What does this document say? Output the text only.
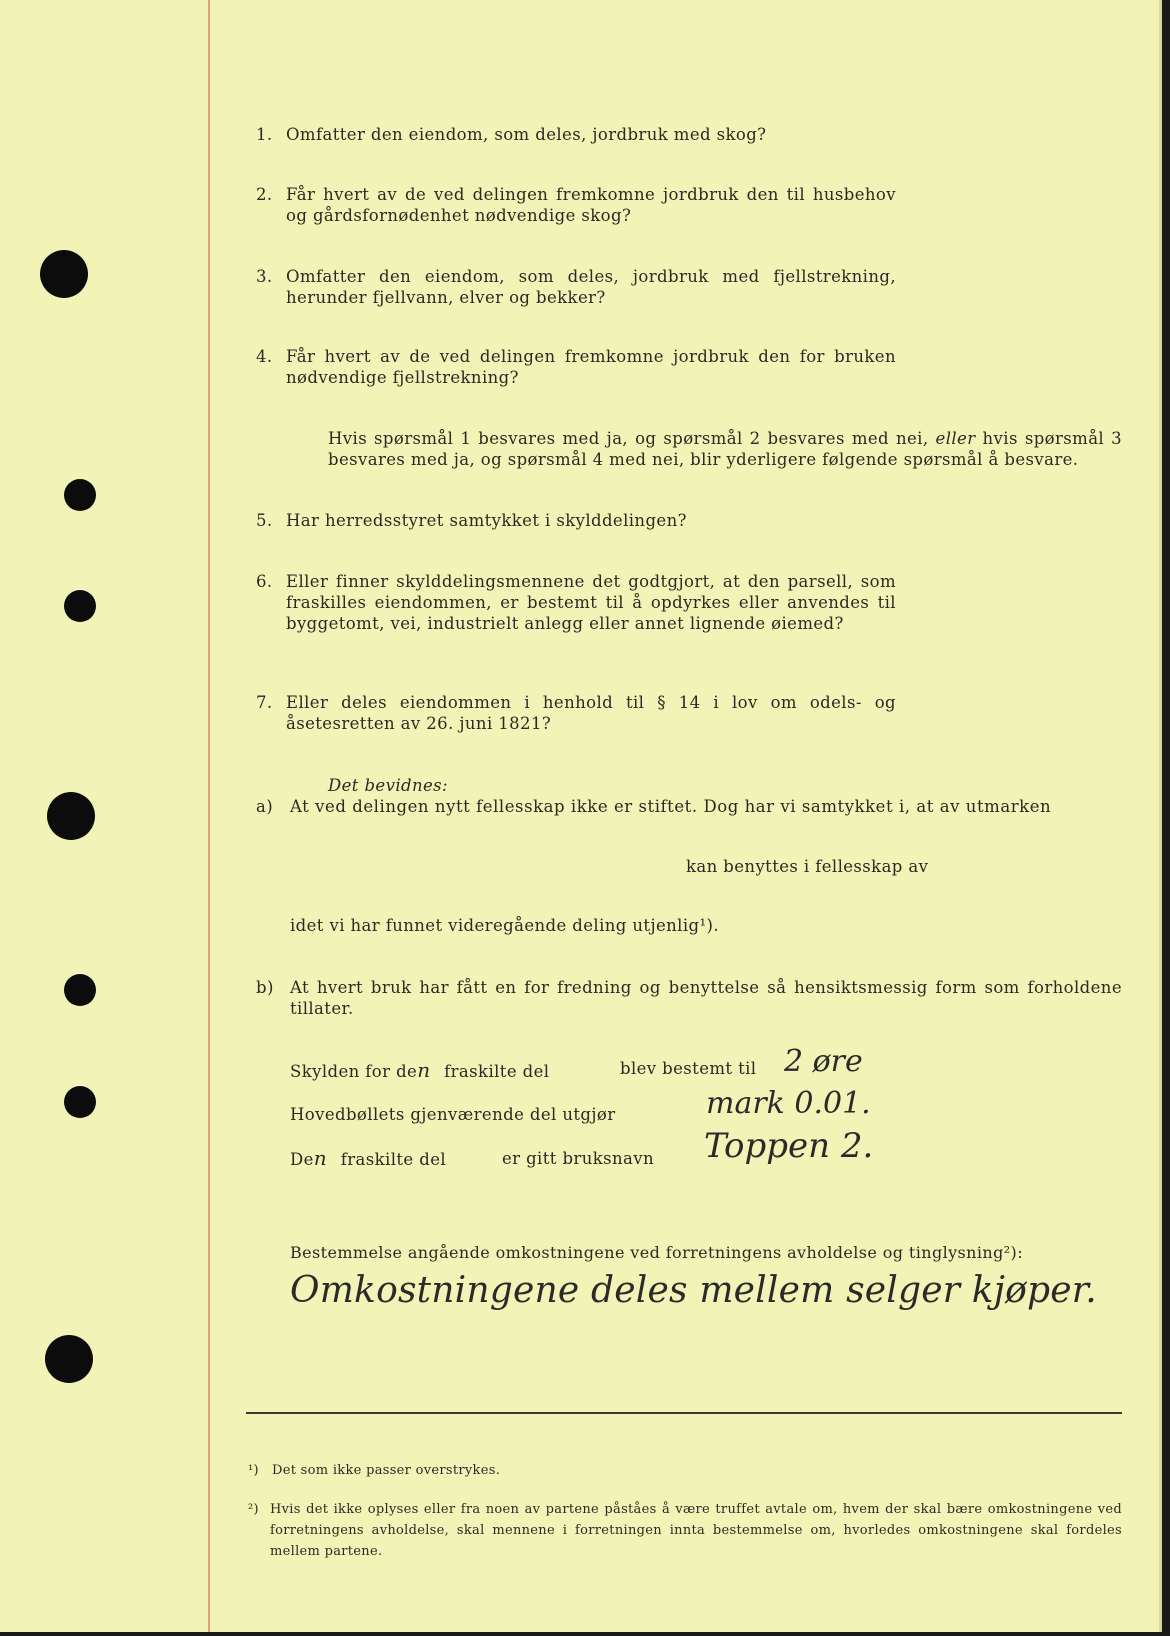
1. Omfatter den eiendom, som deles, jordbruk med skog?
2. Får hvert av de ved delingen fremkomne jordbruk den til husbehov og gårdsfornødenhet nødvendige skog?
3. Omfatter den eiendom, som deles, jordbruk med fjellstrekning, herunder fjellvann, elver og bekker?
4. Får hvert av de ved delingen fremkomne jordbruk den for bruken nødvendige fjellstrekning?
Hvis spørsmål 1 besvares med ja, og spørsmål 2 besvares med nei, eller hvis spørsmål 3 besvares med ja, og spørsmål 4 med nei, blir yderligere følgende spørsmål å besvare.
5. Har herredsstyret samtykket i skylddelingen?
6. Eller finner skylddelingsmennene det godtgjort, at den parsell, som fraskilles eiendommen, er bestemt til å opdyrkes eller anvendes til byggetomt, vei, industrielt anlegg eller annet lignende øiemed?
7. Eller deles eiendommen i henhold til § 14 i lov om odels- og åsetesretten av 26. juni 1821?
Det bevidnes:
a) At ved delingen nytt fellesskap ikke er stiftet. Dog har vi samtykket i, at av utmarken
kan benyttes i fellesskap av
idet vi har funnet videregående deling utjenlig¹).
b) At hvert bruk har fått en for fredning og benyttelse så hensiktsmessig form som forholdene tillater.
Skylden for den fraskilte del	blev bestemt til 2 øre
Hovedbøllets gjenværende del utgjør	mark 0.01.
Den fraskilte del	er gitt bruksnavn Toppen 2.
Bestemmelse angående omkostningene ved forretningens avholdelse og tinglysning²):
Omkostningene deles mellem selger kjøper.
¹) Det som ikke passer overstrykes.
²) Hvis det ikke oplyses eller fra noen av partene påståes å være truffet avtale om, hvem der skal bære omkostningene ved forretningens avholdelse, skal mennene i forretningen innta bestemmelse om, hvorledes omkostningene skal fordeles mellem partene.
